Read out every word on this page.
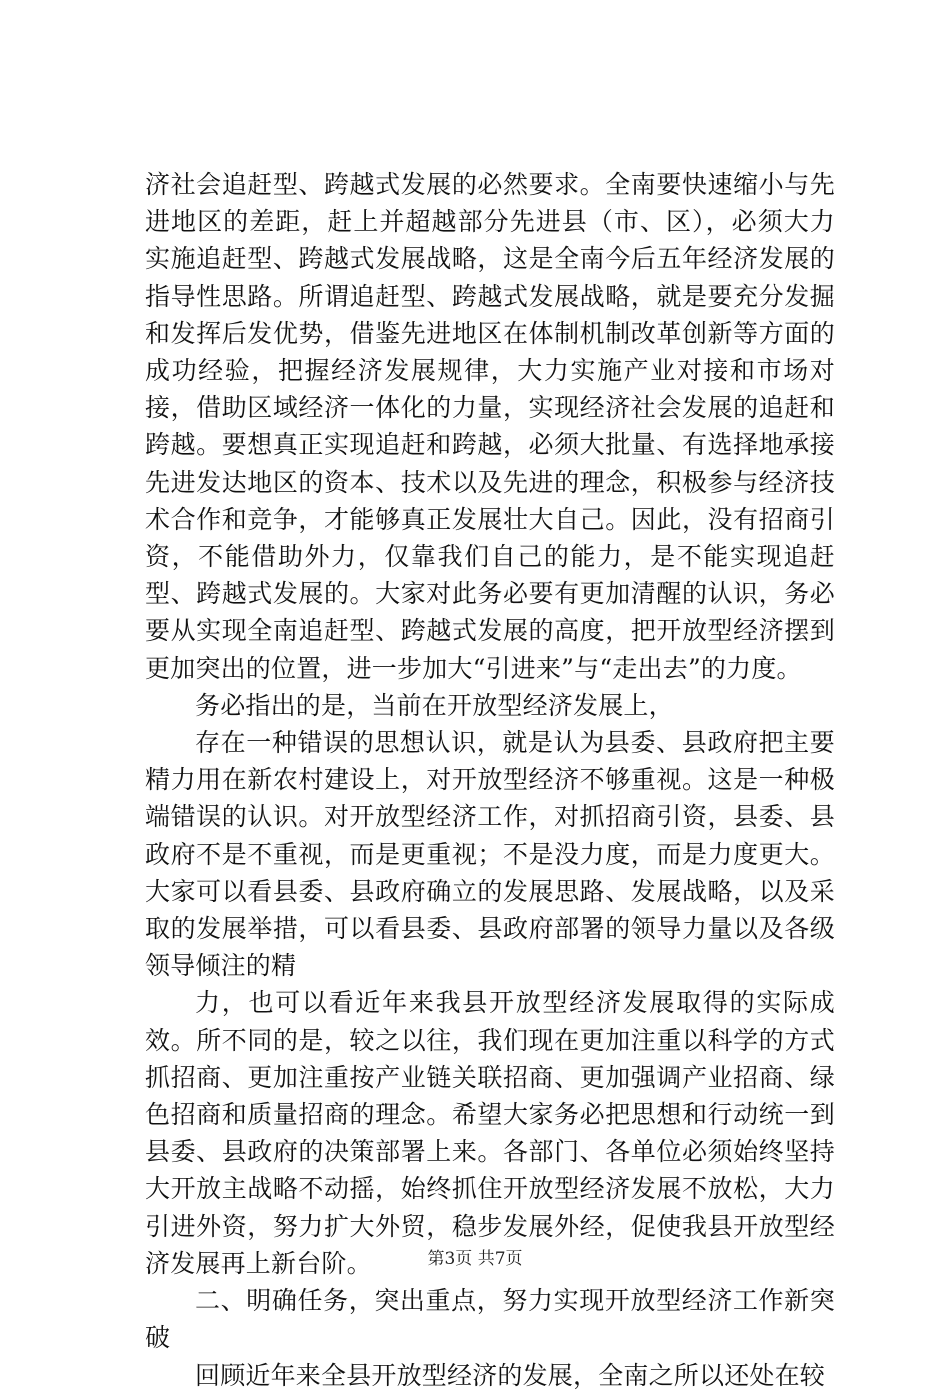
济社会追赶型、跨越式发展的必然要求。全南要快速缩小与先进地区的差距，赶上并超越部分先进县（市、区），必须大力实施追赶型、跨越式发展战略，这是全南今后五年经济发展的指导性思路。所谓追赶型、跨越式发展战略，就是要充分发掘和发挥后发优势，借鉴先进地区在体制机制改革创新等方面的成功经验，把握经济发展规律，大力实施产业对接和市场对接，借助区域经济一体化的力量，实现经济社会发展的追赶和跨越。要想真正实现追赶和跨越，必须大批量、有选择地承接先进发达地区的资本、技术以及先进的理念，积极参与经济技术合作和竞争，才能够真正发展壮大自己。因此，没有招商引资，不能借助外力，仅靠我们自己的能力，是不能实现追赶型、跨越式发展的。大家对此务必要有更加清醒的认识，务必要从实现全南追赶型、跨越式发展的高度，把开放型经济摆到更加突出的位置，进一步加大“引进来”与“走出去”的力度。

务必指出的是，当前在开放型经济发展上，

存在一种错误的思想认识，就是认为县委、县政府把主要精力用在新农村建设上，对开放型经济不够重视。这是一种极端错误的认识。对开放型经济工作，对抓招商引资，县委、县政府不是不重视，而是更重视；不是没力度，而是力度更大。大家可以看县委、县政府确立的发展思路、发展战略，以及采取的发展举措，可以看县委、县政府部署的领导力量以及各级领导倾注的精

力，也可以看近年来我县开放型经济发展取得的实际成效。所不同的是，较之以往，我们现在更加注重以科学的方式抓招商、更加注重按产业链关联招商、更加强调产业招商、绿色招商和质量招商的理念。希望大家务必把思想和行动统一到县委、县政府的决策部署上来。各部门、各单位必须始终坚持大开放主战略不动摇，始终抓住开放型经济发展不放松，大力引进外资，努力扩大外贸，稳步发展外经，促使我县开放型经济发展再上新台阶。

二、明确任务，突出重点，努力实现开放型经济工作新突破

回顾近年来全县开放型经济的发展，全南之所以还处在较

第3页 共7页
